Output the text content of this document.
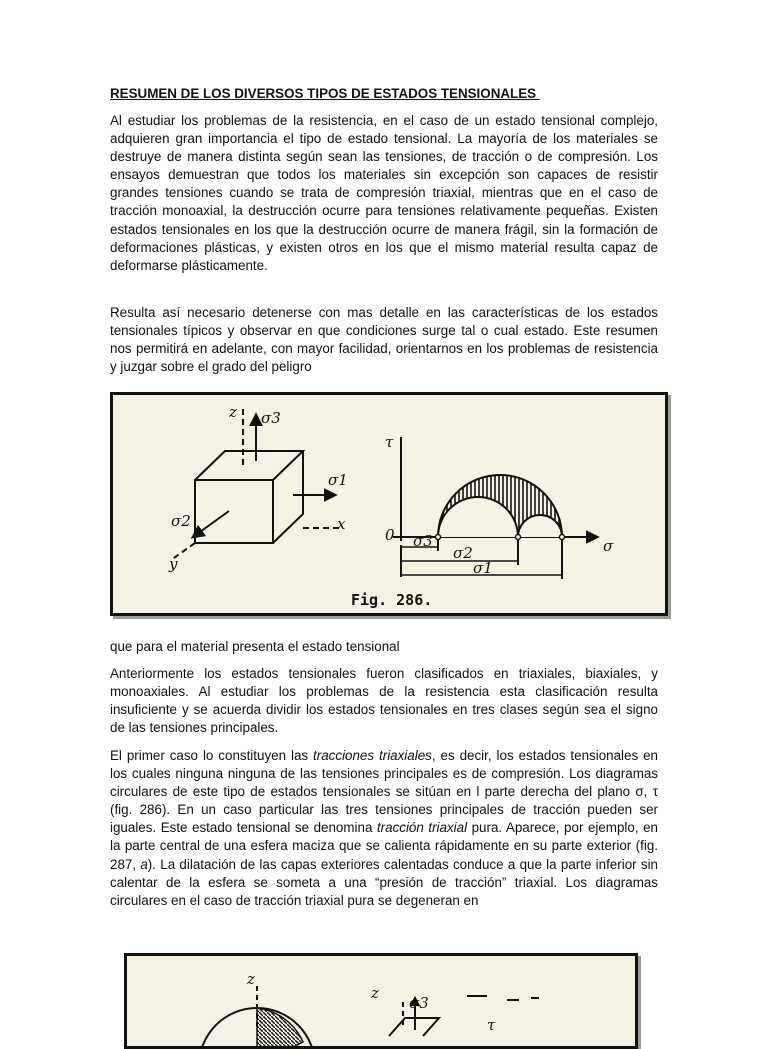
RESUMEN DE LOS DIVERSOS TIPOS DE ESTADOS TENSIONALES

Al estudiar los problemas de la resistencia, en el caso de un estado tensional complejo, adquieren gran importancia el tipo de estado tensional. La mayoría de los materiales se destruye de manera distinta según sean las tensiones, de tracción o de compresión. Los ensayos demuestran que todos los materiales sin excepción son capaces de resistir grandes tensiones cuando se trata de compresión triaxial, mientras que en el caso de tracción monoaxial, la destrucción ocurre para tensiones relativamente pequeñas. Existen estados tensionales en los que la destrucción ocurre de manera frágil, sin la formación de deformaciones plásticas, y existen otros en los que el mismo material resulta capaz de deformarse plásticamente.

Resulta así necesario detenerse con mas detalle en las características de los estados tensionales típicos y observar en que condiciones surge tal o cual estado. Este resumen nos permitirá en adelante, con mayor facilidad, orientarnos en los problemas de resistencia y juzgar sobre el grado del peligro

que para el material presenta el estado tensional

Anteriormente los estados tensionales fueron clasificados en triaxiales, biaxiales, y monoaxiales. Al estudiar los problemas de la resistencia esta clasificación resulta insuficiente y se acuerda dividir los estados tensionales en tres clases según sea el signo de las tensiones principales.

El primer caso lo constituyen las tracciones triaxiales, es decir, los estados tensionales en los cuales ninguna ninguna de las tensiones principales es de compresión. Los diagramas circulares de este tipo de estados tensionales se sitúan en l parte derecha del plano σ, τ (fig. 286). En un caso particular las tres tensiones principales de tracción pueden ser iguales. Este estado tensional se denomina tracción triaxial pura. Aparece, por ejemplo, en la parte central de una esfera maciza que se calienta rápidamente en su parte exterior (fig. 287, a). La dilatación de las capas exteriores calentadas conduce a que la parte inferior sin calentar de la esfera se someta a una “presión de tracción” triaxial. Los diagramas circulares en el caso de tracción triaxial pura se degeneran en

z σ3
σ1
σ2	x
y
τ
0
σ
σ3
σ2
σ1
Fig. 286.
z
z
σ3
τ
